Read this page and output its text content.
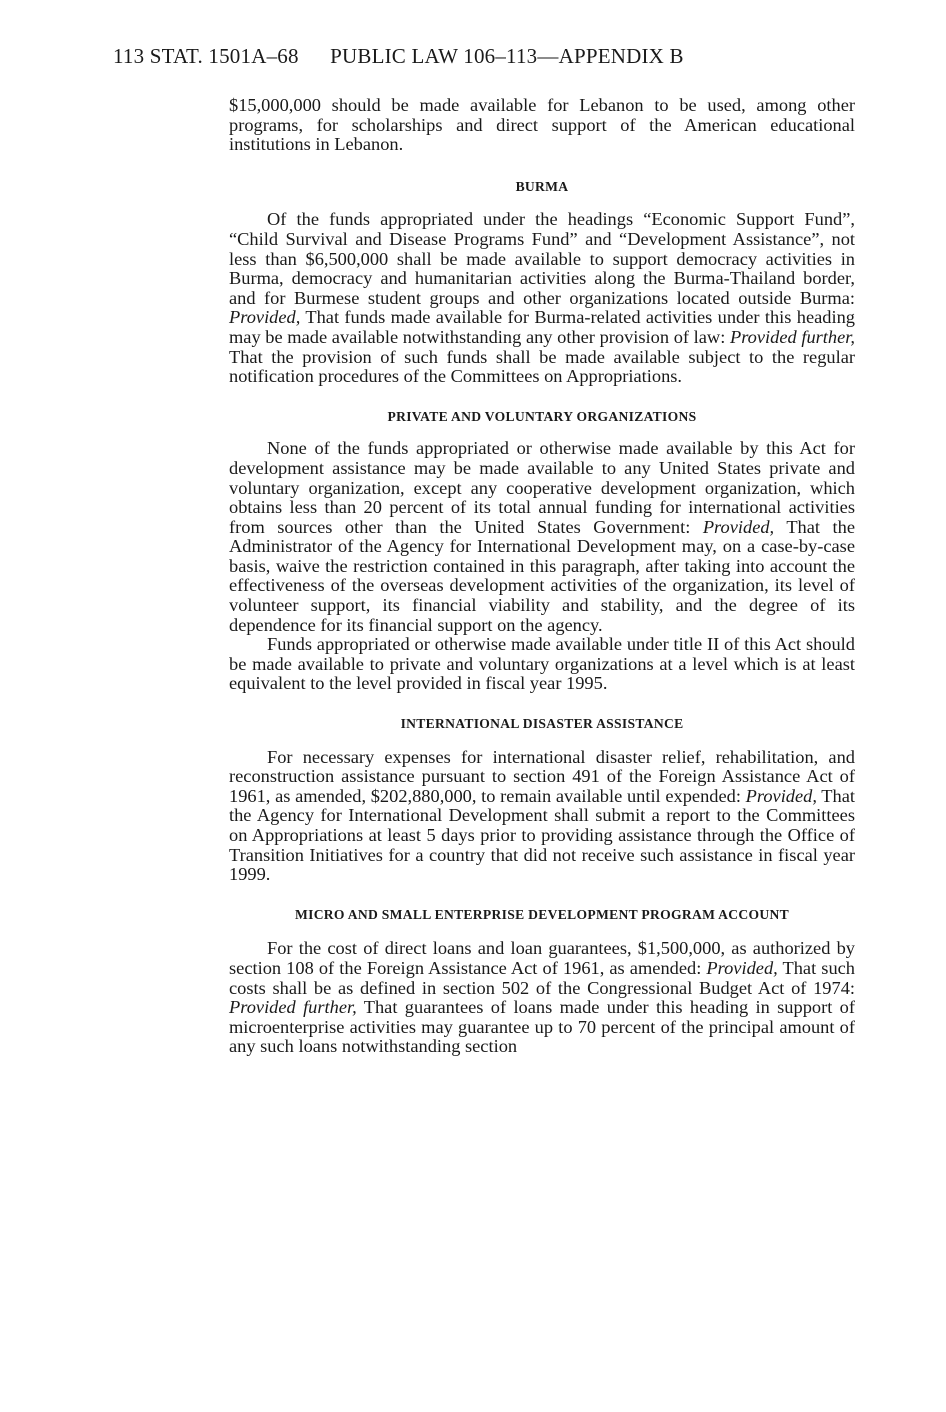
113 STAT. 1501A–68 PUBLIC LAW 106–113—APPENDIX B

$15,000,000 should be made available for Lebanon to be used, among other programs, for scholarships and direct support of the American educational institutions in Lebanon.

BURMA

Of the funds appropriated under the headings “Economic Support Fund”, “Child Survival and Disease Programs Fund” and “Development Assistance”, not less than $6,500,000 shall be made available to support democracy activities in Burma, democracy and humanitarian activities along the Burma-Thailand border, and for Burmese student groups and other organizations located outside Burma: Provided, That funds made available for Burma-related activities under this heading may be made available notwithstanding any other provision of law: Provided further, That the provision of such funds shall be made available subject to the regular notification procedures of the Committees on Appropriations.

PRIVATE AND VOLUNTARY ORGANIZATIONS

None of the funds appropriated or otherwise made available by this Act for development assistance may be made available to any United States private and voluntary organization, except any cooperative development organization, which obtains less than 20 percent of its total annual funding for international activities from sources other than the United States Government: Provided, That the Administrator of the Agency for International Development may, on a case-by-case basis, waive the restriction contained in this paragraph, after taking into account the effectiveness of the overseas development activities of the organization, its level of volunteer support, its financial viability and stability, and the degree of its dependence for its financial support on the agency.

Funds appropriated or otherwise made available under title II of this Act should be made available to private and voluntary organizations at a level which is at least equivalent to the level provided in fiscal year 1995.

INTERNATIONAL DISASTER ASSISTANCE

For necessary expenses for international disaster relief, rehabilitation, and reconstruction assistance pursuant to section 491 of the Foreign Assistance Act of 1961, as amended, $202,880,000, to remain available until expended: Provided, That the Agency for International Development shall submit a report to the Committees on Appropriations at least 5 days prior to providing assistance through the Office of Transition Initiatives for a country that did not receive such assistance in fiscal year 1999.

MICRO AND SMALL ENTERPRISE DEVELOPMENT PROGRAM ACCOUNT

For the cost of direct loans and loan guarantees, $1,500,000, as authorized by section 108 of the Foreign Assistance Act of 1961, as amended: Provided, That such costs shall be as defined in section 502 of the Congressional Budget Act of 1974: Provided further, That guarantees of loans made under this heading in support of microenterprise activities may guarantee up to 70 percent of the principal amount of any such loans notwithstanding section
